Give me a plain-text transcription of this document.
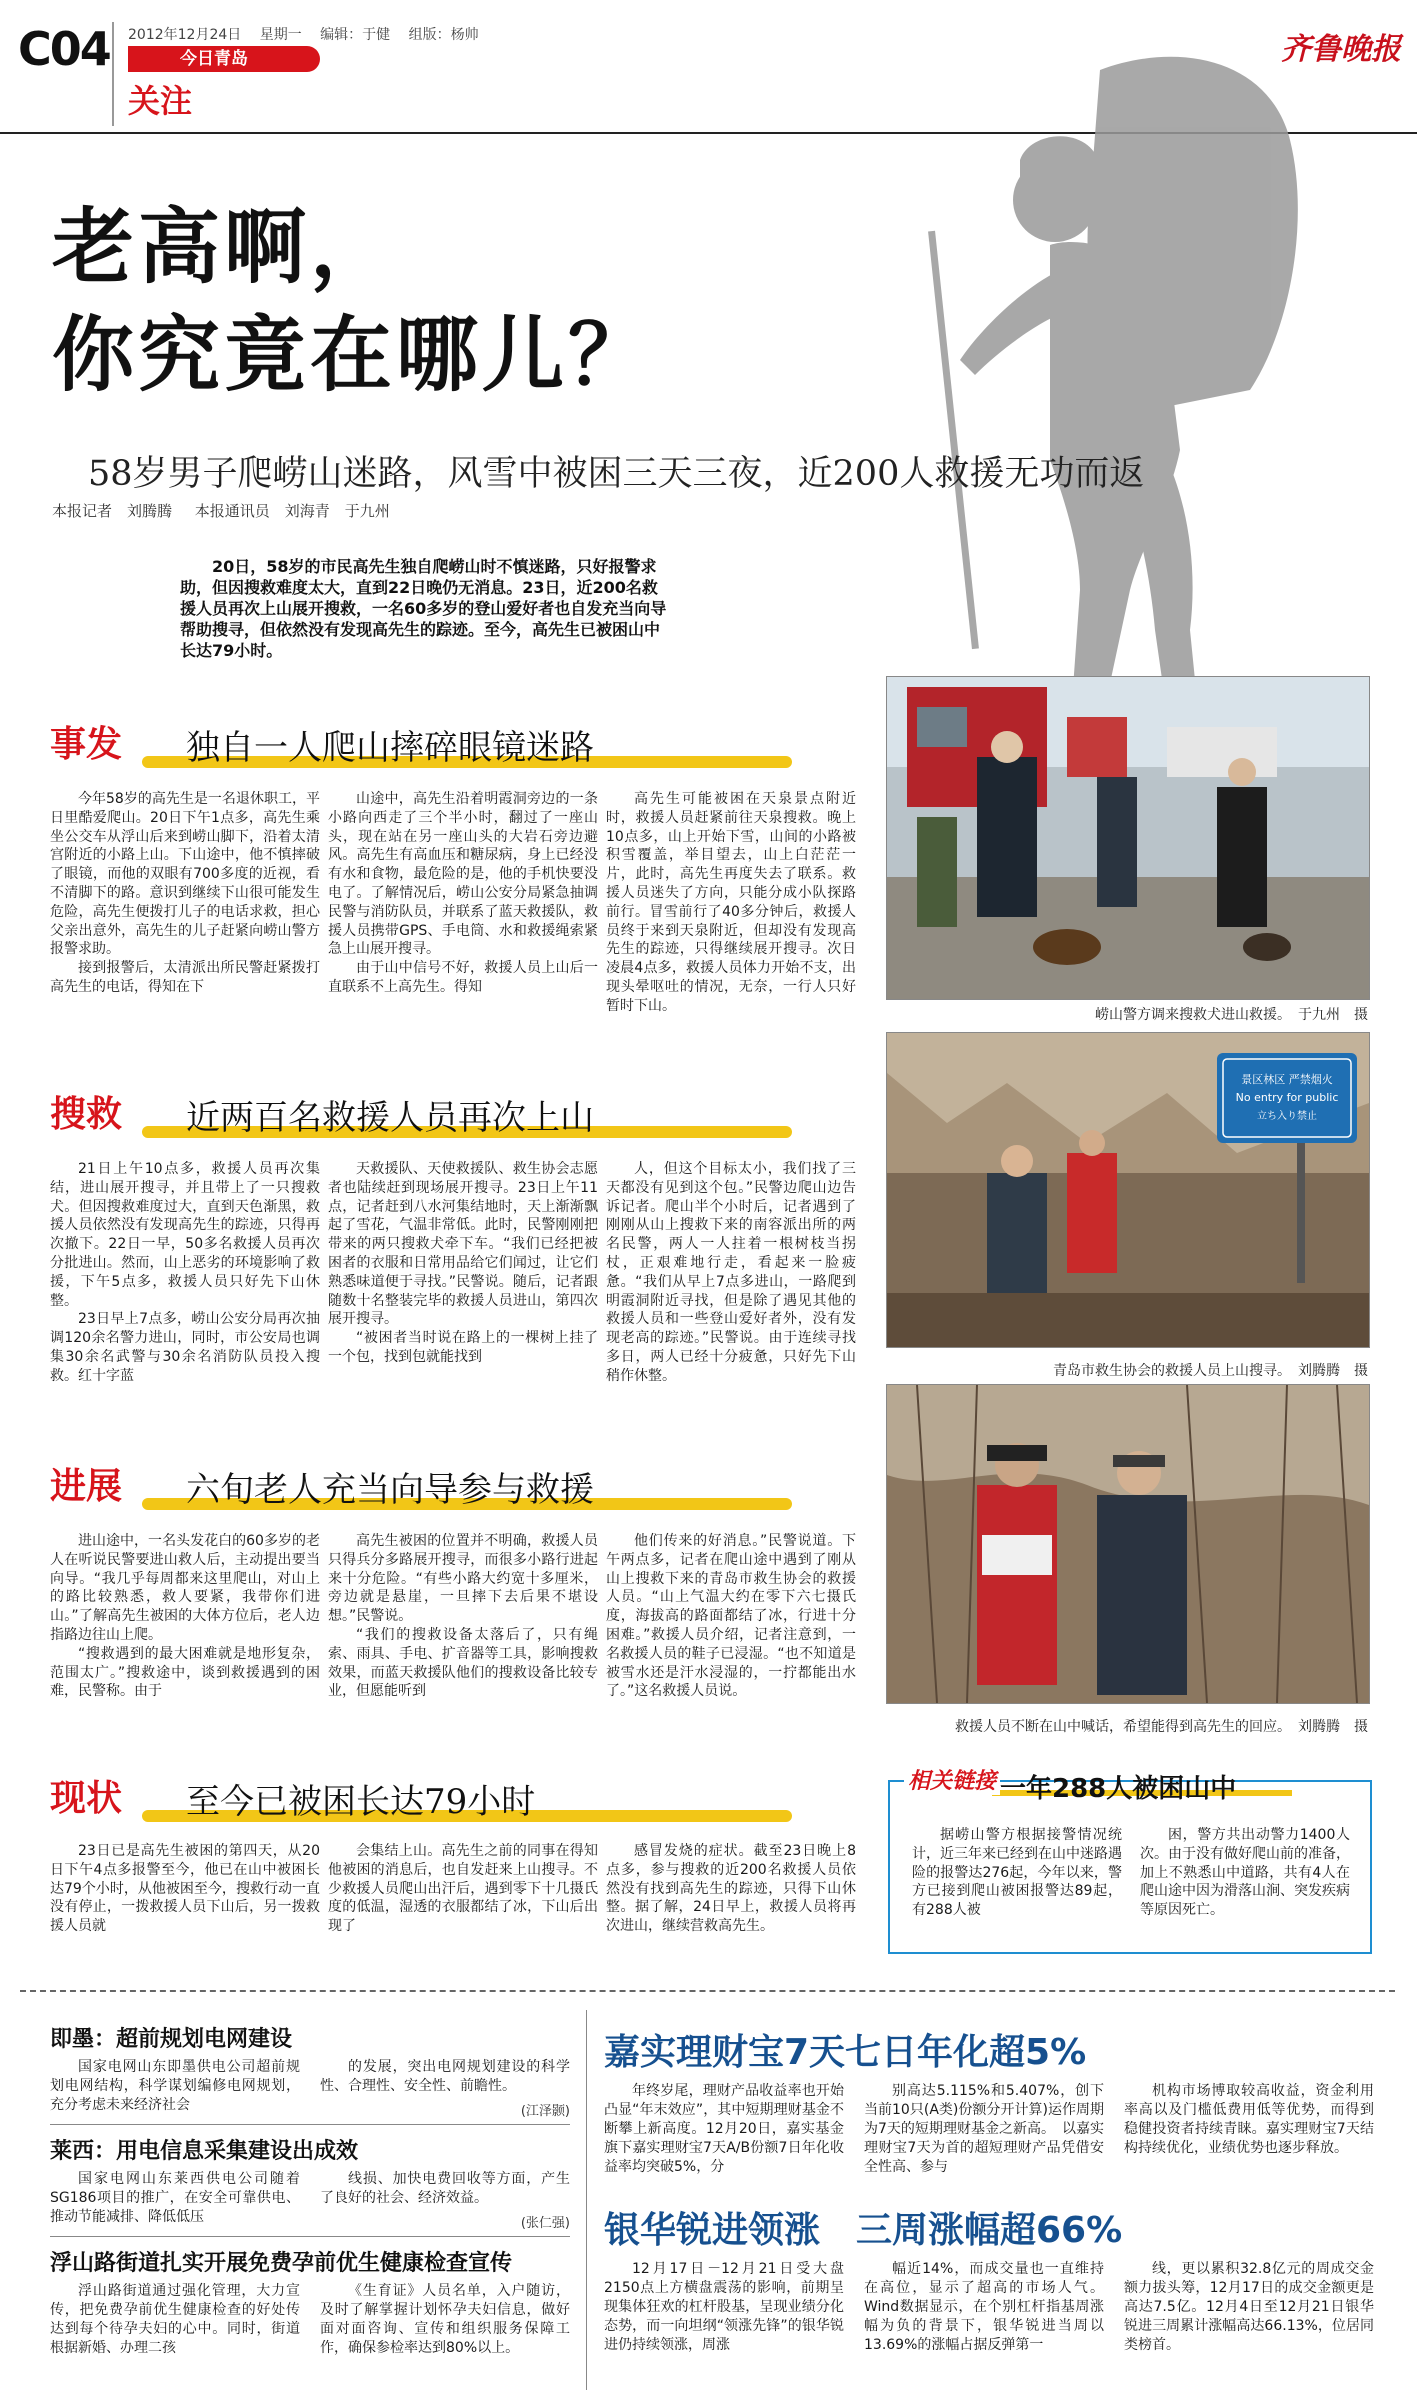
C04 2012年12月24日 星期一 编辑：于健 组版：杨帅
今日青岛
关注
齐鲁晚报
老高啊，
你究竟在哪儿？
58岁男子爬崂山迷路，风雪中被困三天三夜，近200人救援无功而返
本报记者　刘腾腾 本报通讯员　刘海青　于九州
20日，58岁的市民高先生独自爬崂山时不慎迷路，只好报警求助，但因搜救难度太大，直到22日晚仍无消息。23日，近200名救援人员再次上山展开搜救，一名60多岁的登山爱好者也自发充当向导帮助搜寻，但依然没有发现高先生的踪迹。至今，高先生已被困山中长达79小时。
事发 独自一人爬山摔碎眼镜迷路

今年58岁的高先生是一名退休职工，平日里酷爱爬山。20日下午1点多，高先生乘坐公交车从浮山后来到崂山脚下，沿着太清宫附近的小路上山。下山途中，他不慎摔破了眼镜，而他的双眼有700多度的近视，看不清脚下的路。意识到继续下山很可能发生危险，高先生便拨打儿子的电话求救，担心父亲出意外，高先生的儿子赶紧向崂山警方报警求助。

接到报警后，太清派出所民警赶紧拨打高先生的电话，得知在下

山途中，高先生沿着明霞洞旁边的一条小路向西走了三个半小时，翻过了一座山头，现在站在另一座山头的大岩石旁边避风。高先生有高血压和糖尿病，身上已经没有水和食物，最危险的是，他的手机快要没电了。了解情况后，崂山公安分局紧急抽调民警与消防队员，并联系了蓝天救援队，救援人员携带GPS、手电筒、水和救援绳索紧急上山展开搜寻。

由于山中信号不好，救援人员上山后一直联系不上高先生。得知

高先生可能被困在天泉景点附近时，救援人员赶紧前往天泉搜救。晚上10点多，山上开始下雪，山间的小路被积雪覆盖，举目望去，山上白茫茫一片，此时，高先生再度失去了联系。救援人员迷失了方向，只能分成小队探路前行。冒雪前行了40多分钟后，救援人员终于来到天泉附近，但却没有发现高先生的踪迹，只得继续展开搜寻。次日凌晨4点多，救援人员体力开始不支，出现头晕呕吐的情况，无奈，一行人只好暂时下山。

搜救 近两百名救援人员再次上山

21日上午10点多，救援人员再次集结，进山展开搜寻，并且带上了一只搜救犬。但因搜救难度过大，直到天色渐黑，救援人员依然没有发现高先生的踪迹，只得再次撤下。22日一早，50多名救援人员再次分批进山。然而，山上恶劣的环境影响了救援，下午5点多，救援人员只好先下山休整。

23日早上7点多，崂山公安分局再次抽调120余名警力进山，同时，市公安局也调集30余名武警与30余名消防队员投入搜救。红十字蓝

天救援队、天使救援队、救生协会志愿者也陆续赶到现场展开搜寻。23日上午11点，记者赶到八水河集结地时，天上渐渐飘起了雪花，气温非常低。此时，民警刚刚把带来的两只搜救犬牵下车。“我们已经把被困者的衣服和日常用品给它们闻过，让它们熟悉味道便于寻找。”民警说。随后，记者跟随数十名整装完毕的救援人员进山，第四次展开搜寻。

“被困者当时说在路上的一棵树上挂了一个包，找到包就能找到

人，但这个目标太小，我们找了三天都没有见到这个包。”民警边爬山边告诉记者。爬山半个小时后，记者遇到了刚刚从山上搜救下来的南容派出所的两名民警，两人一人拄着一根树枝当拐杖，正艰难地行走，看起来一脸疲惫。“我们从早上7点多进山，一路爬到明霞洞附近寻找，但是除了遇见其他的救援人员和一些登山爱好者外，没有发现老高的踪迹。”民警说。由于连续寻找多日，两人已经十分疲惫，只好先下山稍作休整。

进展 六旬老人充当向导参与救援

进山途中，一名头发花白的60多岁的老人在听说民警要进山救人后，主动提出要当向导。“我几乎每周都来这里爬山，对山上的路比较熟悉，救人要紧，我带你们进山。”了解高先生被困的大体方位后，老人边指路边往山上爬。

“搜救遇到的最大困难就是地形复杂，范围太广。”搜救途中，谈到救援遇到的困难，民警称。由于

高先生被困的位置并不明确，救援人员只得兵分多路展开搜寻，而很多小路行进起来十分危险。“有些小路大约宽十多厘米，旁边就是悬崖，一旦摔下去后果不堪设想。”民警说。

“我们的搜救设备太落后了，只有绳索、雨具、手电、扩音器等工具，影响搜救效果，而蓝天救援队他们的搜救设备比较专业，但愿能听到

他们传来的好消息。”民警说道。下午两点多，记者在爬山途中遇到了刚从山上搜救下来的青岛市救生协会的救援人员。“山上气温大约在零下六七摄氏度，海拔高的路面都结了冰，行进十分困难。”救援人员介绍，记者注意到，一名救援人员的鞋子已浸湿。“也不知道是被雪水还是汗水浸湿的，一拧都能出水了。”这名救援人员说。

现状 至今已被困长达79小时

23日已是高先生被困的第四天，从20日下午4点多报警至今，他已在山中被困长达79个小时，从他被困至今，搜救行动一直没有停止，一拨救援人员下山后，另一拨救援人员就

会集结上山。高先生之前的同事在得知他被困的消息后，也自发赶来上山搜寻。不少救援人员爬山出汗后，遇到零下十几摄氏度的低温，湿透的衣服都结了冰，下山后出现了

感冒发烧的症状。截至23日晚上8点多，参与搜救的近200名救援人员依然没有找到高先生的踪迹，只得下山休整。据了解，24日早上，救援人员将再次进山，继续营救高先生。

崂山警方调来搜救犬进山救援。　于九州　摄
景区林区 严禁烟火
No entry for public
立ち入り禁止
青岛市救生协会的救援人员上山搜寻。　刘腾腾　摄
救援人员不断在山中喊话，希望能得到高先生的回应。　刘腾腾　摄
相关链接 一年288人被困山中

据崂山警方根据接警情况统计，近三年来已经到在山中迷路遇险的报警达276起，今年以来，警方已接到爬山被困报警达89起，有288人被

困，警方共出动警力1400人次。由于没有做好爬山前的准备，加上不熟悉山中道路，共有4人在爬山途中因为滑落山涧、突发疾病等原因死亡。

即墨：超前规划电网建设

国家电网山东即墨供电公司超前规划电网结构，科学谋划编修电网规划，充分考虑未来经济社会

的发展，突出电网规划建设的科学性、合理性、安全性、前瞻性。

(江泽颢)
莱西：用电信息采集建设出成效

国家电网山东莱西供电公司随着SG186项目的推广，在安全可靠供电、推动节能减排、降低低压

线损、加快电费回收等方面，产生了良好的社会、经济效益。

(张仁强)
浮山路街道扎实开展免费孕前优生健康检查宣传

浮山路街道通过强化管理，大力宣传，把免费孕前优生健康检查的好处传达到每个待孕夫妇的心中。同时，街道根据新婚、办理二孩

《生育证》人员名单，入户随访，及时了解掌握计划怀孕夫妇信息，做好面对面咨询、宣传和组织服务保障工作，确保参检率达到80%以上。

嘉实理财宝7天七日年化超5%

年终岁尾，理财产品收益率也开始凸显“年末效应”，其中短期理财基金不断攀上新高度。12月20日，嘉实基金旗下嘉实理财宝7天A/B份额7日年化收益率均突破5%，分

别高达5.115%和5.407%，创下当前10只(A类)份额分开计算)运作周期为7天的短期理财基金之新高。　以嘉实理财宝7天为首的超短理财产品凭借安全性高、参与

机构市场博取较高收益，资金利用率高以及门槛低费用低等优势，而得到稳健投资者持续青睐。嘉实理财宝7天结构持续优化，业绩优势也逐步释放。

银华锐进领涨　三周涨幅超66%

12月17日－12月21日受大盘2150点上方横盘震荡的影响，前期呈现集体狂欢的杠杆股基，呈现业绩分化态势，而一向坦纲“领涨先锋”的银华锐进仍持续领涨，周涨

幅近14%，而成交量也一直维持在高位，显示了超高的市场人气。Wind数据显示，在个别杠杆指基周涨幅为负的背景下，银华锐进当周以13.69%的涨幅占据反弹第一

线，更以累积32.8亿元的周成交金额力拔头筹，12月17日的成交金额更是高达7.5亿。12月4日至12月21日银华锐进三周累计涨幅高达66.13%，位居同类榜首。
